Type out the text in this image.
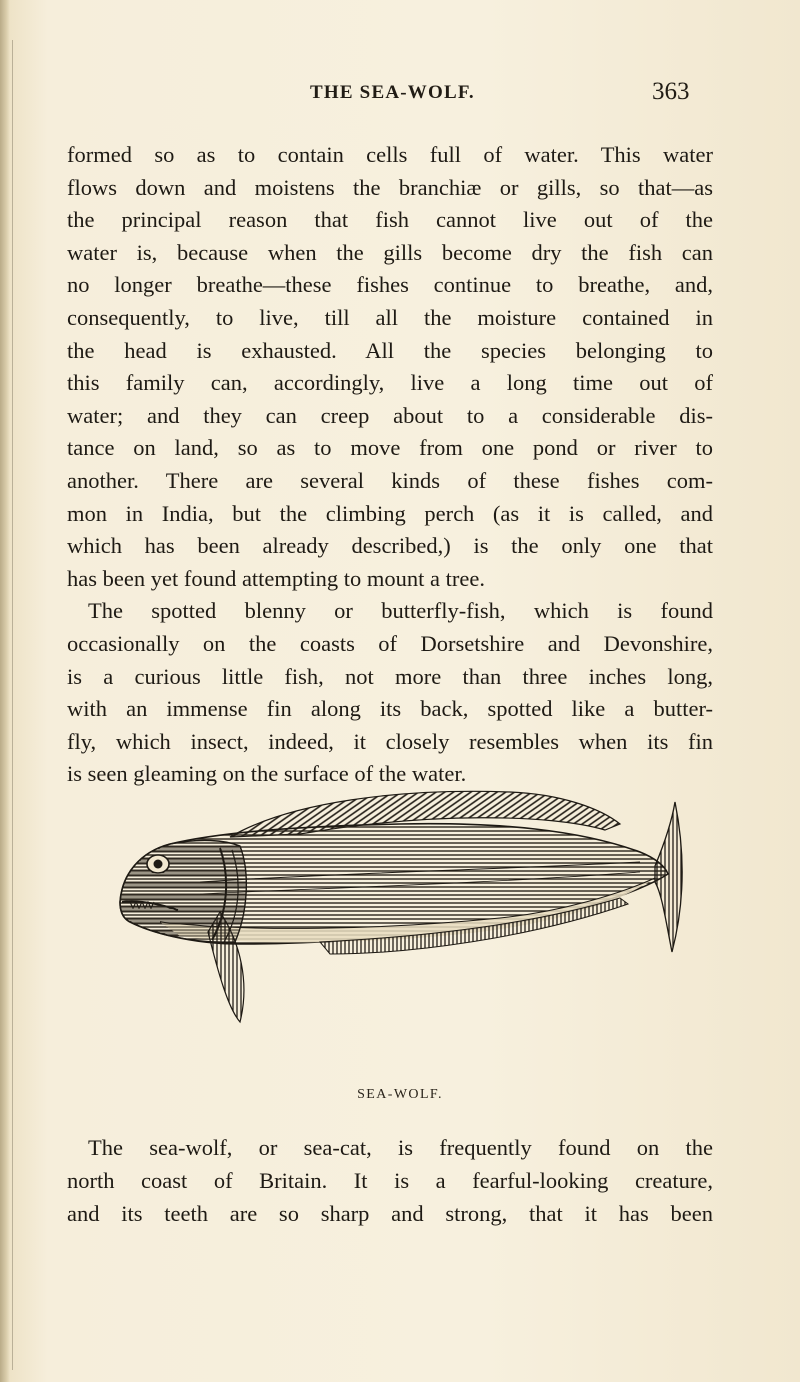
THE SEA-WOLF.	363
formed so as to contain cells full of water. This water
flows down and moistens the branchiæ or gills, so that—as
the principal reason that fish cannot live out of the
water is, because when the gills become dry the fish can
no longer breathe—these fishes continue to breathe, and,
consequently, to live, till all the moisture contained in
the head is exhausted. All the species belonging to
this family can, accordingly, live a long time out of
water; and they can creep about to a considerable dis-
tance on land, so as to move from one pond or river to
another. There are several kinds of these fishes com-
mon in India, but the climbing perch (as it is called, and
which has been already described,) is the only one that
has been yet found attempting to mount a tree.
The spotted blenny or butterfly-fish, which is found
occasionally on the coasts of Dorsetshire and Devonshire,
is a curious little fish, not more than three inches long,
with an immense fin along its back, spotted like a butter-
fly, which insect, indeed, it closely resembles when its fin
is seen gleaming on the surface of the water.
SEA-WOLF.
The sea-wolf, or sea-cat, is frequently found on the
north coast of Britain. It is a fearful-looking creature,
and its teeth are so sharp and strong, that it has been
